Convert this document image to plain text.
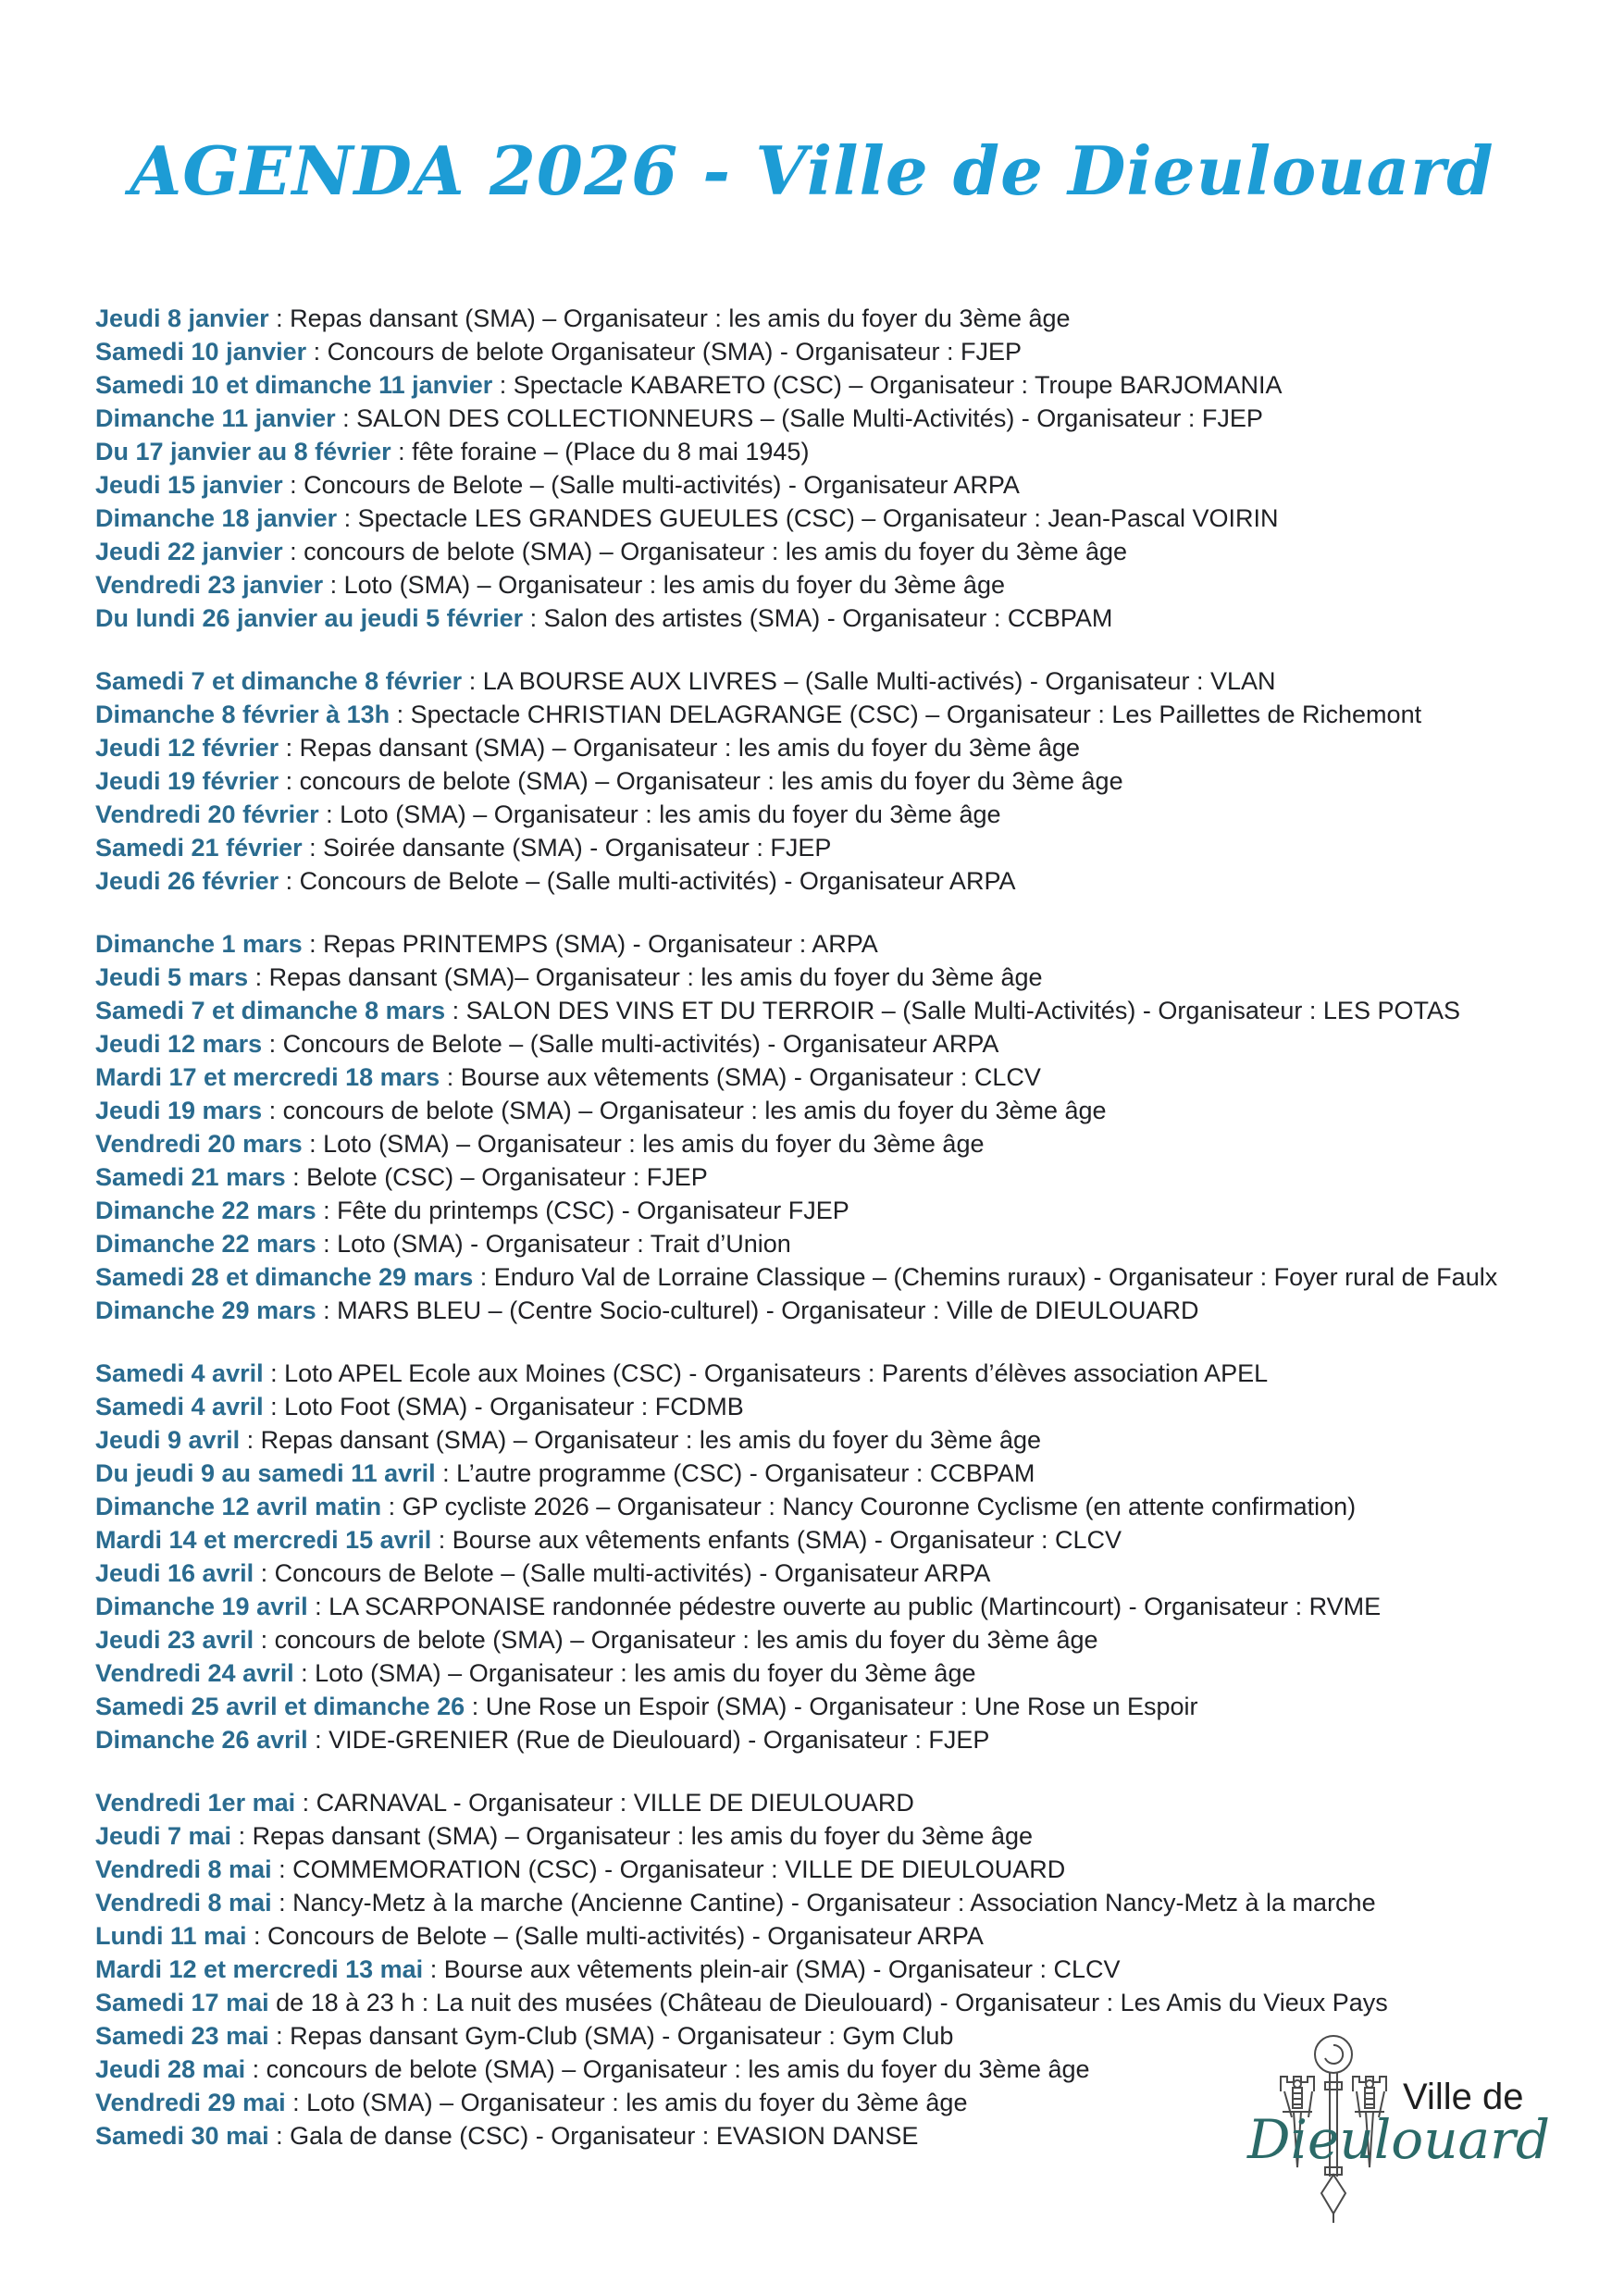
AGENDA 2026 - Ville de Dieulouard

Jeudi 8 janvier : Repas dansant (SMA) – Organisateur : les amis du foyer du 3ème âge

Samedi 10 janvier : Concours de belote Organisateur (SMA) - Organisateur : FJEP

Samedi 10 et dimanche 11 janvier : Spectacle KABARETO (CSC) – Organisateur : Troupe BARJOMANIA

Dimanche 11 janvier : SALON DES COLLECTIONNEURS – (Salle Multi-Activités) - Organisateur : FJEP

Du 17 janvier au 8 février : fête foraine – (Place du 8 mai 1945)

Jeudi 15 janvier : Concours de Belote – (Salle multi-activités) - Organisateur ARPA

Dimanche 18 janvier : Spectacle LES GRANDES GUEULES (CSC) – Organisateur : Jean-Pascal VOIRIN

Jeudi 22 janvier : concours de belote (SMA) – Organisateur : les amis du foyer du 3ème âge

Vendredi 23 janvier : Loto (SMA) – Organisateur : les amis du foyer du 3ème âge

Du lundi 26 janvier au jeudi 5 février : Salon des artistes (SMA) - Organisateur : CCBPAM

Samedi 7 et dimanche 8 février : LA BOURSE AUX LIVRES – (Salle Multi-activés) - Organisateur : VLAN

Dimanche 8 février à 13h : Spectacle CHRISTIAN DELAGRANGE (CSC) – Organisateur : Les Paillettes de Richemont

Jeudi 12 février : Repas dansant (SMA) – Organisateur : les amis du foyer du 3ème âge

Jeudi 19 février : concours de belote (SMA) – Organisateur : les amis du foyer du 3ème âge

Vendredi 20 février : Loto (SMA) – Organisateur : les amis du foyer du 3ème âge

Samedi 21 février : Soirée dansante (SMA) - Organisateur : FJEP

Jeudi 26 février : Concours de Belote – (Salle multi-activités) - Organisateur ARPA

Dimanche 1 mars : Repas PRINTEMPS (SMA) - Organisateur : ARPA

Jeudi 5 mars : Repas dansant (SMA)– Organisateur : les amis du foyer du 3ème âge

Samedi 7 et dimanche 8 mars : SALON DES VINS ET DU TERROIR – (Salle Multi-Activités) - Organisateur : LES POTAS

Jeudi 12 mars : Concours de Belote – (Salle multi-activités) - Organisateur ARPA

Mardi 17 et mercredi 18 mars : Bourse aux vêtements (SMA) - Organisateur : CLCV

Jeudi 19 mars : concours de belote (SMA) – Organisateur : les amis du foyer du 3ème âge

Vendredi 20 mars : Loto (SMA) – Organisateur : les amis du foyer du 3ème âge

Samedi 21 mars : Belote (CSC) – Organisateur : FJEP

Dimanche 22 mars : Fête du printemps (CSC) - Organisateur FJEP

Dimanche 22 mars : Loto (SMA) - Organisateur : Trait d’Union

Samedi 28 et dimanche 29 mars : Enduro Val de Lorraine Classique – (Chemins ruraux) - Organisateur : Foyer rural de Faulx

Dimanche 29 mars : MARS BLEU – (Centre Socio-culturel) - Organisateur : Ville de DIEULOUARD

Samedi 4 avril : Loto APEL Ecole aux Moines (CSC) - Organisateurs : Parents d’élèves association APEL

Samedi 4 avril : Loto Foot (SMA) - Organisateur : FCDMB

Jeudi 9 avril : Repas dansant (SMA) – Organisateur : les amis du foyer du 3ème âge

Du jeudi 9 au samedi 11 avril : L’autre programme (CSC) - Organisateur : CCBPAM

Dimanche 12 avril matin : GP cycliste 2026 – Organisateur : Nancy Couronne Cyclisme (en attente confirmation)

Mardi 14 et mercredi 15 avril : Bourse aux vêtements enfants (SMA) - Organisateur : CLCV

Jeudi 16 avril : Concours de Belote – (Salle multi-activités) - Organisateur ARPA

Dimanche 19 avril : LA SCARPONAISE randonnée pédestre ouverte au public (Martincourt) - Organisateur : RVME

Jeudi 23 avril : concours de belote (SMA) – Organisateur : les amis du foyer du 3ème âge

Vendredi 24 avril : Loto (SMA) – Organisateur : les amis du foyer du 3ème âge

Samedi 25 avril et dimanche 26 : Une Rose un Espoir (SMA) - Organisateur : Une Rose un Espoir

Dimanche 26 avril : VIDE-GRENIER (Rue de Dieulouard) - Organisateur : FJEP

Vendredi 1er mai : CARNAVAL - Organisateur : VILLE DE DIEULOUARD

Jeudi 7 mai : Repas dansant (SMA) – Organisateur : les amis du foyer du 3ème âge

Vendredi 8 mai : COMMEMORATION (CSC) - Organisateur : VILLE DE DIEULOUARD

Vendredi 8 mai : Nancy-Metz à la marche (Ancienne Cantine) - Organisateur : Association Nancy-Metz à la marche

Lundi 11 mai : Concours de Belote – (Salle multi-activités) - Organisateur ARPA

Mardi 12 et mercredi 13 mai : Bourse aux vêtements plein-air (SMA) - Organisateur : CLCV

Samedi 17 mai de 18 à 23 h : La nuit des musées (Château de Dieulouard) - Organisateur : Les Amis du Vieux Pays

Samedi 23 mai : Repas dansant Gym-Club (SMA) - Organisateur : Gym Club

Jeudi 28 mai : concours de belote (SMA) – Organisateur : les amis du foyer du 3ème âge

Vendredi 29 mai : Loto (SMA) – Organisateur : les amis du foyer du 3ème âge

Samedi 30 mai : Gala de danse (CSC) - Organisateur : EVASION DANSE

Ville de
Dieulouard
